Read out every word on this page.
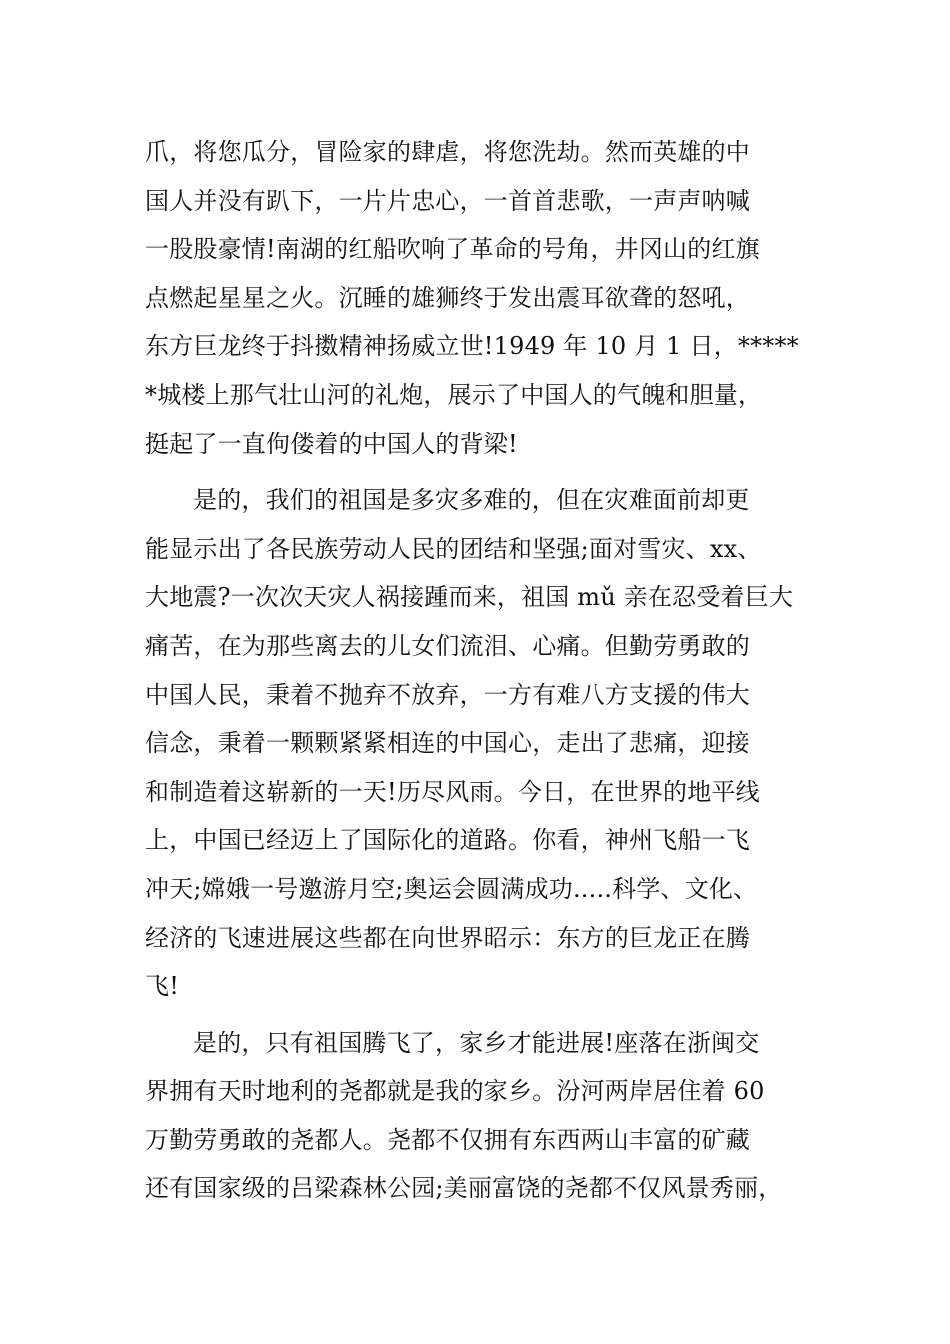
爪，将您瓜分，冒险家的肆虐，将您洗劫。然而英雄的中
国人并没有趴下，一片片忠心，一首首悲歌，一声声呐喊
一股股豪情!南湖的红船吹响了革命的号角，井冈山的红旗
点燃起星星之火。沉睡的雄狮终于发出震耳欲聋的怒吼，
东方巨龙终于抖擞精神扬威立世!1949 年 10 月 1 日，*****
*城楼上那气壮山河的礼炮，展示了中国人的气魄和胆量，
挺起了一直佝偻着的中国人的背梁!
是的，我们的祖国是多灾多难的，但在灾难面前却更
能显示出了各民族劳动人民的团结和坚强;面对雪灾、xx、
大地震?一次次天灾人祸接踵而来，祖国 mǔ 亲在忍受着巨大
痛苦，在为那些离去的儿女们流泪、心痛。但勤劳勇敢的
中国人民，秉着不抛弃不放弃，一方有难八方支援的伟大
信念，秉着一颗颗紧紧相连的中国心，走出了悲痛，迎接
和制造着这崭新的一天!历尽风雨。今日，在世界的地平线
上，中国已经迈上了国际化的道路。你看，神州飞船一飞
冲天;嫦娥一号邀游月空;奥运会圆满成功.....科学、文化、
经济的飞速进展这些都在向世界昭示：东方的巨龙正在腾
飞!
是的，只有祖国腾飞了，家乡才能进展!座落在浙闽交
界拥有天时地利的尧都就是我的家乡。汾河两岸居住着 60
万勤劳勇敢的尧都人。尧都不仅拥有东西两山丰富的矿藏
还有国家级的吕梁森林公园;美丽富饶的尧都不仅风景秀丽，
